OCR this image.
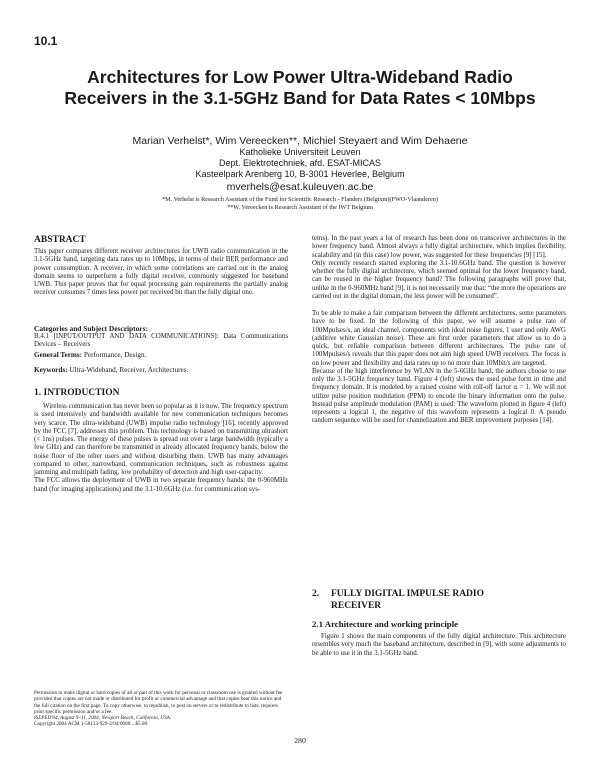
10.1
Architectures for Low Power Ultra-Wideband Radio
Receivers in the 3.1-5GHz Band for Data Rates < 10Mbps
Marian Verhelst*, Wim Vereecken**, Michiel Steyaert and Wim Dehaene
Katholieke Universiteit Leuven
Dept. Elektrotechniek, afd. ESAT-MICAS
Kasteelpark Arenberg 10, B-3001 Heverlee, Belgium
mverhels@esat.kuleuven.ac.be
*M. Verhelst is Research Assistant of the Fund for Scientific Research - Flanders (Belgium)(FWO-Vlaanderen)
**W. Vereecken is Research Assistant of the IWT Belgium
ABSTRACT

This paper compares different receiver architectures for UWB radio communication in the 3.1-5GHz band, targeting data rates up to 10Mbps, in terms of their BER performance and power consumption. A receiver, in which some correlations are carried out in the analog domain seems to outperform a fully digital receiver, commonly suggested for baseband UWB. This paper proves that for equal processing gain requirements the partially analog receiver consumes 7 times less power per received bit than the fully digital one.

Categories and Subject Descriptors:

B.4.1 [INPUT/OUTPUT AND DATA COMMUNICATIONS]: Data Communications Devices – Receivers

General Terms: Performance, Design.
Keywords: Ultra-Wideband, Receiver, Architectures.
1. INTRODUCTION

Wireless communication has never been so popular as it is now. The frequency spectrum is used intensively and bandwidth available for new communication techniques becomes very scarce. The ultra-wideband (UWB) impulse radio technology [16], recently approved by the FCC [7], addresses this problem. This technology is based on transmitting ultrashort (< 1ns) pulses. The energy of these pulses is spread out over a large bandwidth (typically a few GHz) and can therefore be transmitted in already allocated frequency bands, below the noise floor of the other users and without disturbing them. UWB has many advantages compared to other, narrowband, communication techniques, such as robustness against jamming and multipath fading, low probability of detection and high user-capacity.

The FCC allows the deployment of UWB in two separate frequency bands: the 0-960MHz band (for imaging applications) and the 3.1-10.6GHz (i.e. for communication sys-

Permission to make digital or hard copies of all or part of this work for personal or classroom use is granted without fee provided that copies are not made or distributed for profit or commercial advantage and that copies bear this notice and the full citation on the first page. To copy otherwise, to republish, to post on servers or to redistribute to lists, requires prior specific permission and/or a fee.

ISLPED'04, August 9–11, 2004, Newport Beach, California, USA.

Copyright 2004 ACM 1-58113-929-2/04/0008 ...$5.00.

tems). In the past years a lot of research has been done on transceiver architectures in the lower frequency band. Almost always a fully digital architecture, which implies flexibility, scalability and (in this case) low power, was suggested for these frequencies [9] [15].

Only recently research started exploring the 3.1-10.6GHz band. The question is however whether the fully digital architecture, which seemed optimal for the lower frequency band, can be reused in the higher frequency band? The following paragraphs will prove that, unlike in the 0-960MHz band [9], it is not necessarily true that: “the more the operations are carried out in the digital domain, the less power will be consumed”.

To be able to make a fair comparison between the different architectures, some parameters have to be fixed. In the following of this paper, we will assume a pulse rate of 100Mpulses/s, an ideal channel, components with ideal noise figures, 1 user and only AWG (additive white Gaussian noise). These are first order parameters that allow us to do a quick, but reliable comparison between different architectures. The pulse rate of 100Mpulses/s reveals that this paper does not aim high speed UWB receivers. The focus is on low power and flexibility and data rates up to no more than 10Mbit/s are targeted.

Because of the high interference by WLAN in the 5-6GHz band, the authors choose to use only the 3.1-5GHz frequency band. Figure 4 (left) shows the used pulse form in time and frequency domain. It is modeled by a raised cosine with roll-off factor α = 1. We will not utilize pulse position modulation (PPM) to encode the binary information onto the pulse. Instead pulse amplitude modulation (PAM) is used: The waveform plotted in figure 4 (left) represents a logical 1, the negative of this waveform represents a logical 0. A pseudo random sequence will be used for channelization and BER improvement purposes [14].

2. FULLY DIGITAL IMPULSE RADIO
RECEIVER
2.1 Architecture and working principle

Figure 1 shows the main components of the fully digital architecture. This architecture resembles very much the baseband architecture, described in [9], with some adjustments to be able to use it in the 3.1-5GHz band.

280
